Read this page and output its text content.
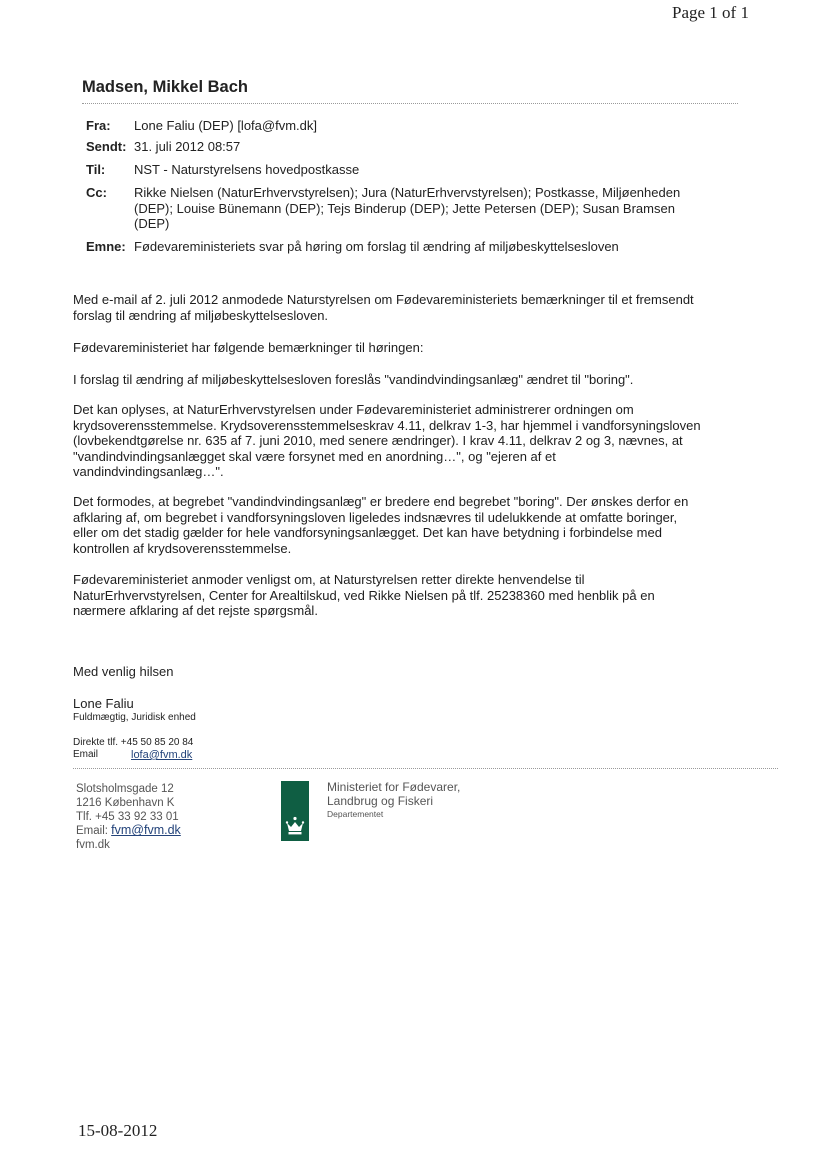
Page 1 of 1
Madsen, Mikkel Bach
Fra: Lone Faliu (DEP) [lofa@fvm.dk]
Sendt: 31. juli 2012 08:57
Til: NST - Naturstyrelsens hovedpostkasse
Cc: Rikke Nielsen (NaturErhvervstyrelsen); Jura (NaturErhvervstyrelsen); Postkasse, Miljøenheden
(DEP); Louise Bünemann (DEP); Tejs Binderup (DEP); Jette Petersen (DEP); Susan Bramsen
(DEP)
Emne: Fødevareministeriets svar på høring om forslag til ændring af miljøbeskyttelsesloven
Med e-mail af 2. juli 2012 anmodede Naturstyrelsen om Fødevareministeriets bemærkninger til et fremsendt
forslag til ændring af miljøbeskyttelsesloven.
Fødevareministeriet har følgende bemærkninger til høringen:
I forslag til ændring af miljøbeskyttelsesloven foreslås "vandindvindingsanlæg" ændret til "boring".
Det kan oplyses, at NaturErhvervstyrelsen under Fødevareministeriet administrerer ordningen om
krydsoverensstemmelse. Krydsoverensstemmelseskrav 4.11, delkrav 1-3, har hjemmel i vandforsyningsloven
(lovbekendtgørelse nr. 635 af 7. juni 2010, med senere ændringer). I krav 4.11, delkrav 2 og 3, nævnes, at
"vandindvindingsanlægget skal være forsynet med en anordning…", og "ejeren af et
vandindvindingsanlæg…".
Det formodes, at begrebet "vandindvindingsanlæg" er bredere end begrebet "boring". Der ønskes derfor en
afklaring af, om begrebet i vandforsyningsloven ligeledes indsnævres til udelukkende at omfatte boringer,
eller om det stadig gælder for hele vandforsyningsanlægget. Det kan have betydning i forbindelse med
kontrollen af krydsoverensstemmelse.
Fødevareministeriet anmoder venligst om, at Naturstyrelsen retter direkte henvendelse til
NaturErhvervstyrelsen, Center for Arealtilskud, ved Rikke Nielsen på tlf. 25238360 med henblik på en
nærmere afklaring af det rejste spørgsmål.
Med venlig hilsen
Lone Faliu
Fuldmægtig, Juridisk enhed
Direkte tlf. +45 50 85 20 84
Email	lofa@fvm.dk
Slotsholmsgade 12
1216 København K
Tlf. +45 33 92 33 01
Email: fvm@fvm.dk
fvm.dk
Ministeriet for Fødevarer,
Landbrug og Fiskeri
Departementet
15-08-2012
